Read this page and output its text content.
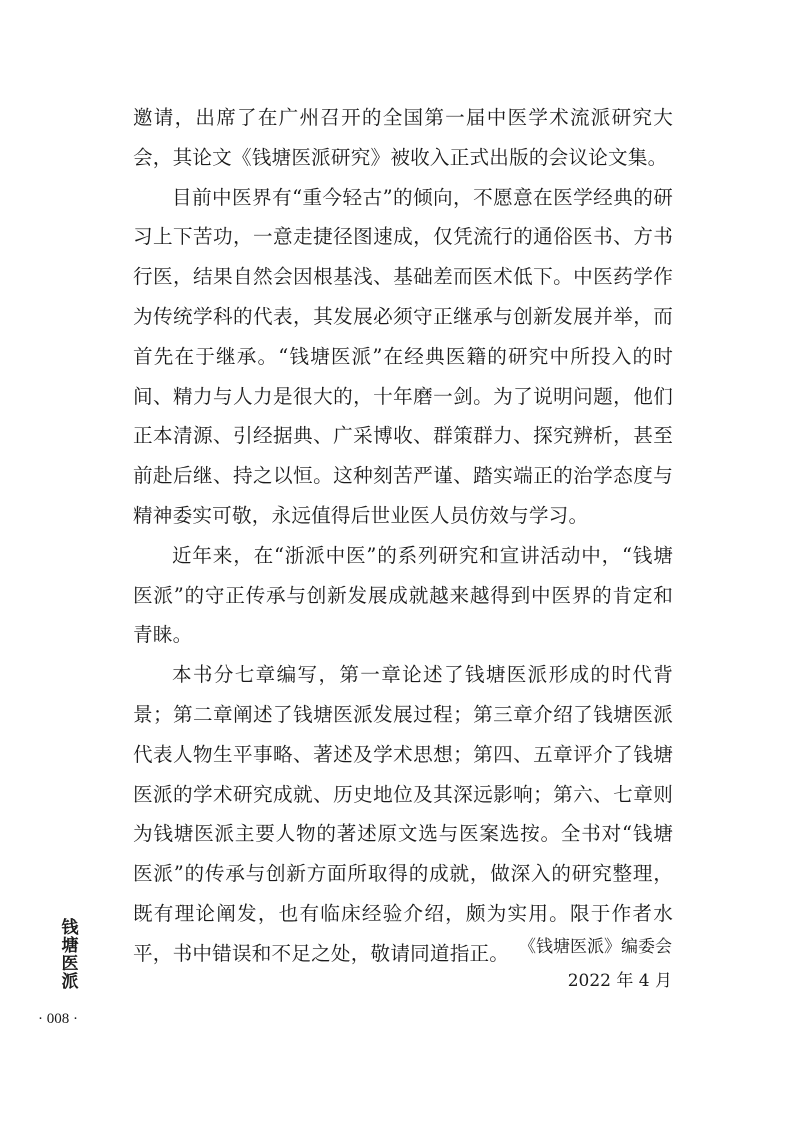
邀请，出席了在广州召开的全国第一届中医学术流派研究大会，其论文《钱塘医派研究》被收入正式出版的会议论文集。

目前中医界有“重今轻古”的倾向，不愿意在医学经典的研习上下苦功，一意走捷径图速成，仅凭流行的通俗医书、方书行医，结果自然会因根基浅、基础差而医术低下。中医药学作为传统学科的代表，其发展必须守正继承与创新发展并举，而首先在于继承。“钱塘医派”在经典医籍的研究中所投入的时间、精力与人力是很大的，十年磨一剑。为了说明问题，他们正本清源、引经据典、广采博收、群策群力、探究辨析，甚至前赴后继、持之以恒。这种刻苦严谨、踏实端正的治学态度与精神委实可敬，永远值得后世业医人员仿效与学习。

近年来，在“浙派中医”的系列研究和宣讲活动中，“钱塘医派”的守正传承与创新发展成就越来越得到中医界的肯定和青睐。

本书分七章编写，第一章论述了钱塘医派形成的时代背景；第二章阐述了钱塘医派发展过程；第三章介绍了钱塘医派代表人物生平事略、著述及学术思想；第四、五章评介了钱塘医派的学术研究成就、历史地位及其深远影响；第六、七章则为钱塘医派主要人物的著述原文选与医案选按。全书对“钱塘医派”的传承与创新方面所取得的成就，做深入的研究整理，既有理论阐发，也有临床经验介绍，颇为实用。限于作者水平，书中错误和不足之处，敬请同道指正。 《钱塘医派》编委会
2022 年 4 月
钱
塘
医
派
· 008 ·
